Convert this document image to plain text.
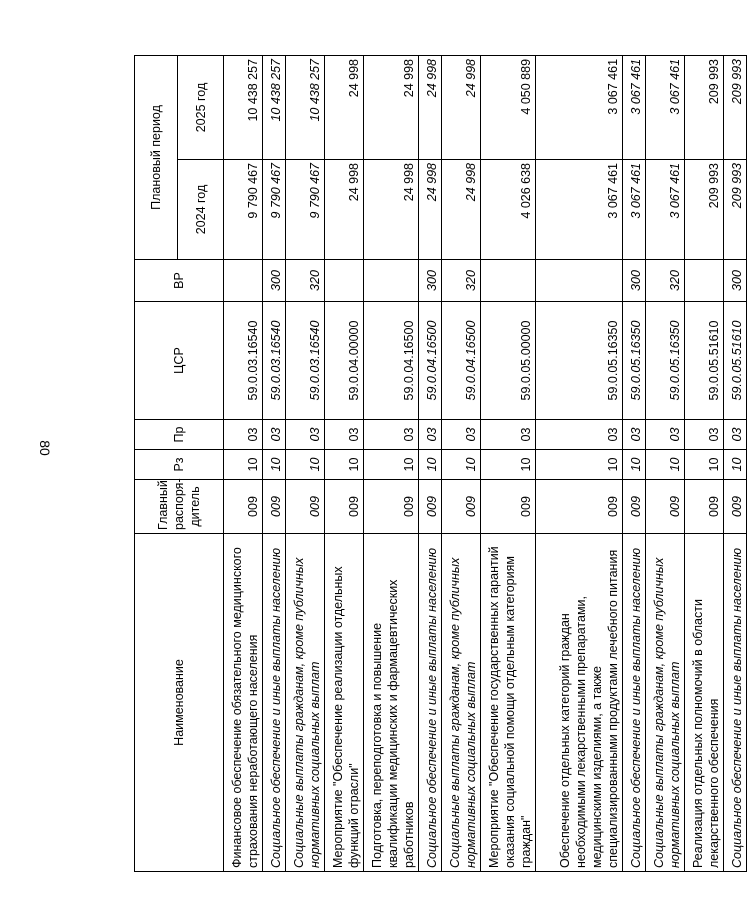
80
Наименование	Главный распоря-дитель	Рз	Пр	ЦСР	ВР	Плановый период	
						2024 год	2025 год
Финансовое обеспечение обязательного медицинского страхования неработающего населения	009	10	03	59.0.03.16540		9 790 467	10 438 257
Социальное обеспечение и иные выплаты населению	009	10	03	59.0.03.16540	300	9 790 467	10 438 257
Социальные выплаты гражданам, кроме публичных нормативных социальных выплат	009	10	03	59.0.03.16540	320	9 790 467	10 438 257
Мероприятие "Обеспечение реализации отдельных функций отрасли"	009	10	03	59.0.04.00000		24 998	24 998
Подготовка, переподготовка и повышение квалификации медицинских и фармацевтических работников	009	10	03	59.0.04.16500		24 998	24 998
Социальное обеспечение и иные выплаты населению	009	10	03	59.0.04.16500	300	24 998	24 998
Социальные выплаты гражданам, кроме публичных нормативных социальных выплат	009	10	03	59.0.04.16500	320	24 998	24 998
Мероприятие "Обеспечение государственных гарантий оказания социальной помощи отдельным категориям граждан"	009	10	03	59.0.05.00000		4 026 638	4 050 889
Обеспечение отдельных категорий граждан необходимыми лекарственными препаратами, медицинскими изделиями, а также специализированными продуктами лечебного питания	009	10	03	59.0.05.16350		3 067 461	3 067 461
Социальное обеспечение и иные выплаты населению	009	10	03	59.0.05.16350	300	3 067 461	3 067 461
Социальные выплаты гражданам, кроме публичных нормативных социальных выплат	009	10	03	59.0.05.16350	320	3 067 461	3 067 461
Реализация отдельных полномочий в области лекарственного обеспечения	009	10	03	59.0.05.51610		209 993	209 993
Социальное обеспечение и иные выплаты населению	009	10	03	59.0.05.51610	300	209 993	209 993
